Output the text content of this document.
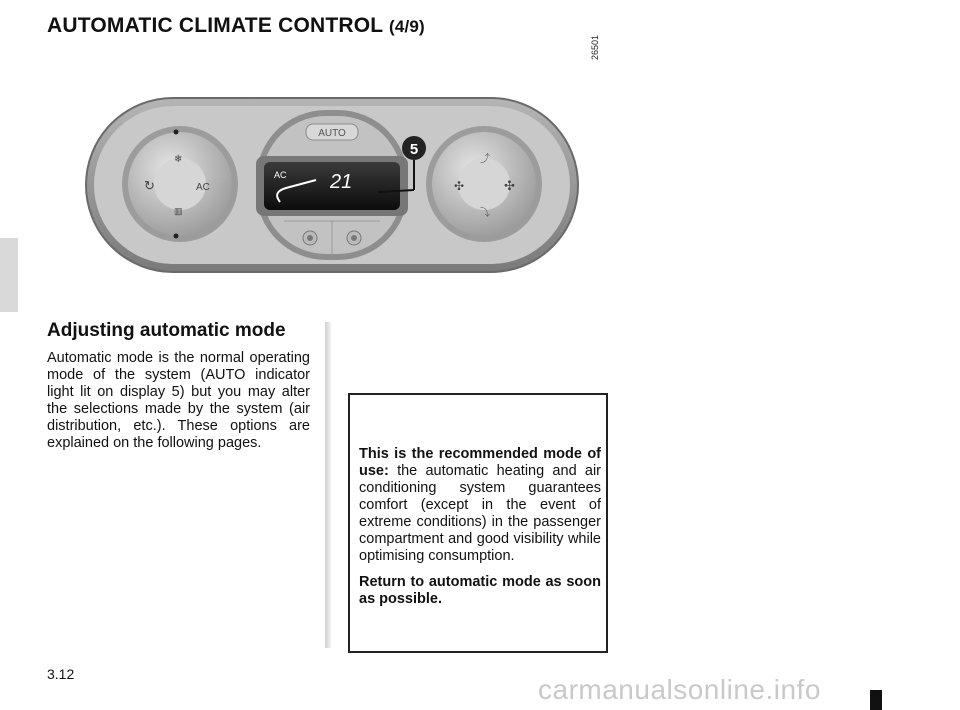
AUTOMATIC CLIMATE CONTROL (4/9)
26501
❄
▥
↻	AC
AUTO
AC 21
5
⤴
⤵
✣	✣
Adjusting automatic mode
Automatic mode is the normal operating mode of the system (AUTO indicator light lit on display 5) but you may alter the selections made by the system (air distribution, etc.). These options are explained on the following pages.

This is the recommended mode of use: the automatic heating and air conditioning system guarantees comfort (except in the event of extreme conditions) in the passenger compartment and good visibility while optimising consumption.

Return to automatic mode as soon as possible.

3.12	carmanualsonline.info
